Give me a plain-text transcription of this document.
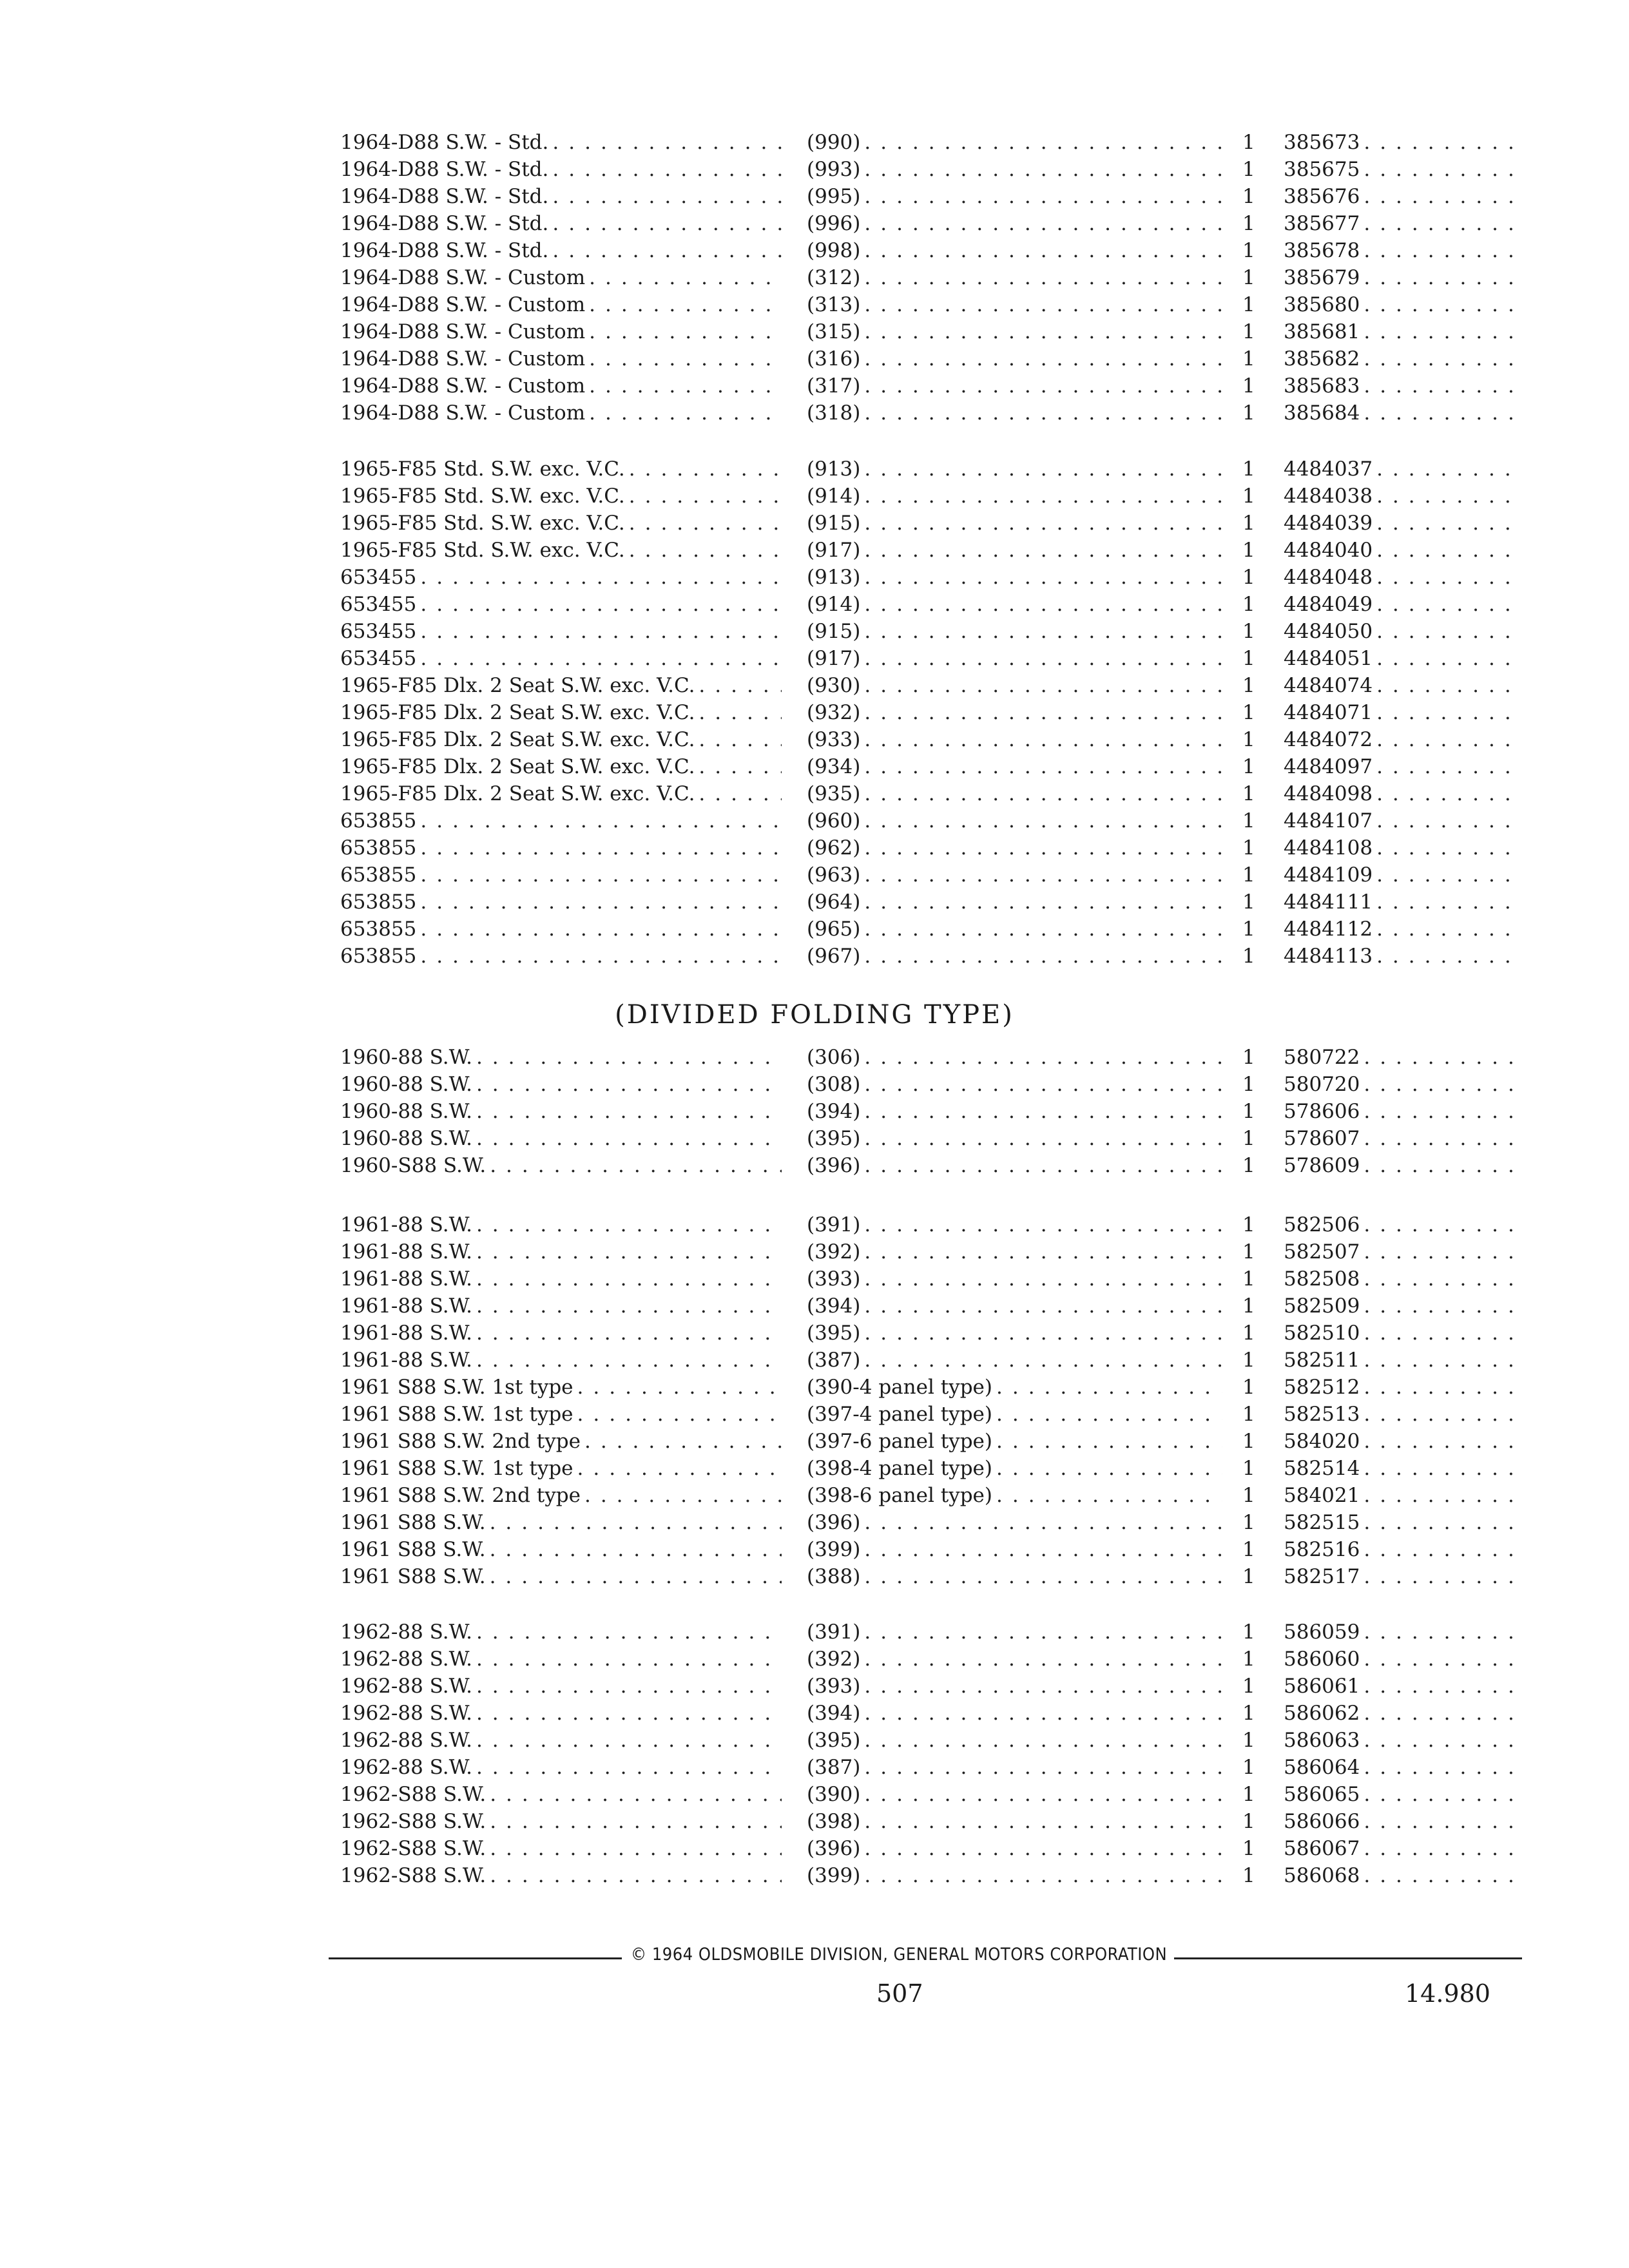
1964-D88 S.W. - Std. .....	(990) .....	1	385673
.....
1964-D88 S.W. - Std. .....	(993) .....	1	385675
.....
1964-D88 S.W. - Std. .....	(995) .....	1	385676
.....
1964-D88 S.W. - Std. .....	(996) .....	1	385677
.....
1964-D88 S.W. - Std. .....	(998) .....	1	385678
.....
1964-D88 S.W. - Custom .....	(312) .....	1	385679
.....
1964-D88 S.W. - Custom .....	(313) .....	1	385680
.....
1964-D88 S.W. - Custom .....	(315) .....	1	385681
.....
1964-D88 S.W. - Custom .....	(316) .....	1	385682
.....
1964-D88 S.W. - Custom .....	(317) .....	1	385683
.....
1964-D88 S.W. - Custom .....	(318) .....	1	385684
.....
1965-F85 Std. S.W. exc. V.C. .....	(913) .....	1	4484037
.....
1965-F85 Std. S.W. exc. V.C. .....	(914) .....	1	4484038
.....
1965-F85 Std. S.W. exc. V.C. .....	(915) .....	1	4484039
.....
1965-F85 Std. S.W. exc. V.C. .....	(917) .....	1	4484040
.....
653455 .....	(913) .....	1	4484048
.....
653455 .....	(914) .....	1	4484049
.....
653455 .....	(915) .....	1	4484050
.....
653455 .....	(917) .....	1	4484051
.....
1965-F85 Dlx. 2 Seat S.W. exc. V.C. .....	(930) .....	1	4484074
.....
1965-F85 Dlx. 2 Seat S.W. exc. V.C. .....	(932) .....	1	4484071
.....
1965-F85 Dlx. 2 Seat S.W. exc. V.C. .....	(933) .....	1	4484072
.....
1965-F85 Dlx. 2 Seat S.W. exc. V.C. .....	(934) .....	1	4484097
.....
1965-F85 Dlx. 2 Seat S.W. exc. V.C. .....	(935) .....	1	4484098
.....
653855 .....	(960) .....	1	4484107
.....
653855 .....	(962) .....	1	4484108
.....
653855 .....	(963) .....	1	4484109
.....
653855 .....	(964) .....	1	4484111
.....
653855 .....	(965) .....	1	4484112
.....
653855 .....	(967) .....	1	4484113
.....
(DIVIDED FOLDING TYPE)
1960-88 S.W. .....	(306) .....	1	580722
.....
1960-88 S.W. .....	(308) .....	1	580720
.....
1960-88 S.W. .....	(394) .....	1	578606
.....
1960-88 S.W. .....	(395) .....	1	578607
.....
1960-S88 S.W. .....	(396) .....	1	578609
.....
1961-88 S.W. .....	(391) .....	1	582506
.....
1961-88 S.W. .....	(392) .....	1	582507
.....
1961-88 S.W. .....	(393) .....	1	582508
.....
1961-88 S.W. .....	(394) .....	1	582509
.....
1961-88 S.W. .....	(395) .....	1	582510
.....
1961-88 S.W. .....	(387) .....	1	582511
.....
1961 S88 S.W. 1st type .....	(390-4 panel type) .....	1	582512
.....
1961 S88 S.W. 1st type .....	(397-4 panel type) .....	1	582513
.....
1961 S88 S.W. 2nd type .....	(397-6 panel type) .....	1	584020
.....
1961 S88 S.W. 1st type .....	(398-4 panel type) .....	1	582514
.....
1961 S88 S.W. 2nd type .....	(398-6 panel type) .....	1	584021
.....
1961 S88 S.W. .....	(396) .....	1	582515
.....
1961 S88 S.W. .....	(399) .....	1	582516
.....
1961 S88 S.W. .....	(388) .....	1	582517
.....
1962-88 S.W. .....	(391) .....	1	586059
.....
1962-88 S.W. .....	(392) .....	1	586060
.....
1962-88 S.W. .....	(393) .....	1	586061
.....
1962-88 S.W. .....	(394) .....	1	586062
.....
1962-88 S.W. .....	(395) .....	1	586063
.....
1962-88 S.W. .....	(387) .....	1	586064
.....
1962-S88 S.W. .....	(390) .....	1	586065
.....
1962-S88 S.W. .....	(398) .....	1	586066
.....
1962-S88 S.W. .....	(396) .....	1	586067
.....
1962-S88 S.W. .....	(399) .....	1	586068
.....
© 1964 OLDSMOBILE DIVISION, GENERAL MOTORS CORPORATION
507	14.980
